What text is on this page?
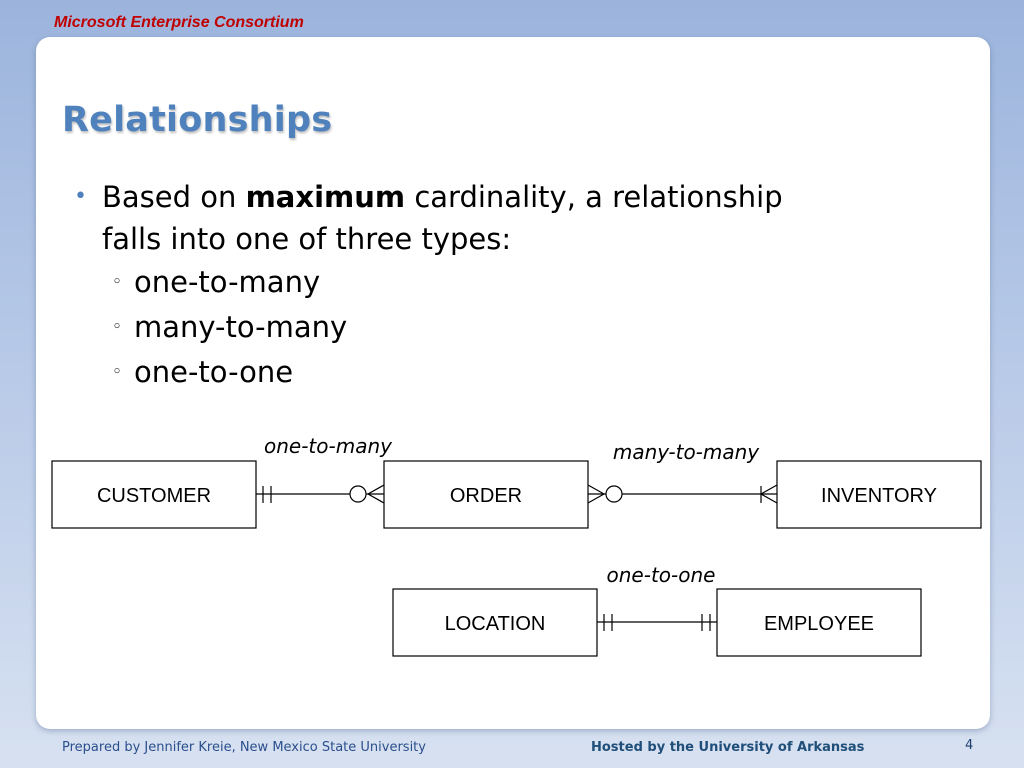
Microsoft Enterprise Consortium
Relationships
• Based on maximum cardinality, a relationship
falls into one of three types:
◦ one-to-many
◦ many-to-many
◦ one-to-one
CUSTOMER	ORDER	INVENTORY
LOCATION	EMPLOYEE
one-to-many	many-to-many
one-to-one
Prepared by Jennifer Kreie, New Mexico State University	Hosted by the University of Arkansas	4
